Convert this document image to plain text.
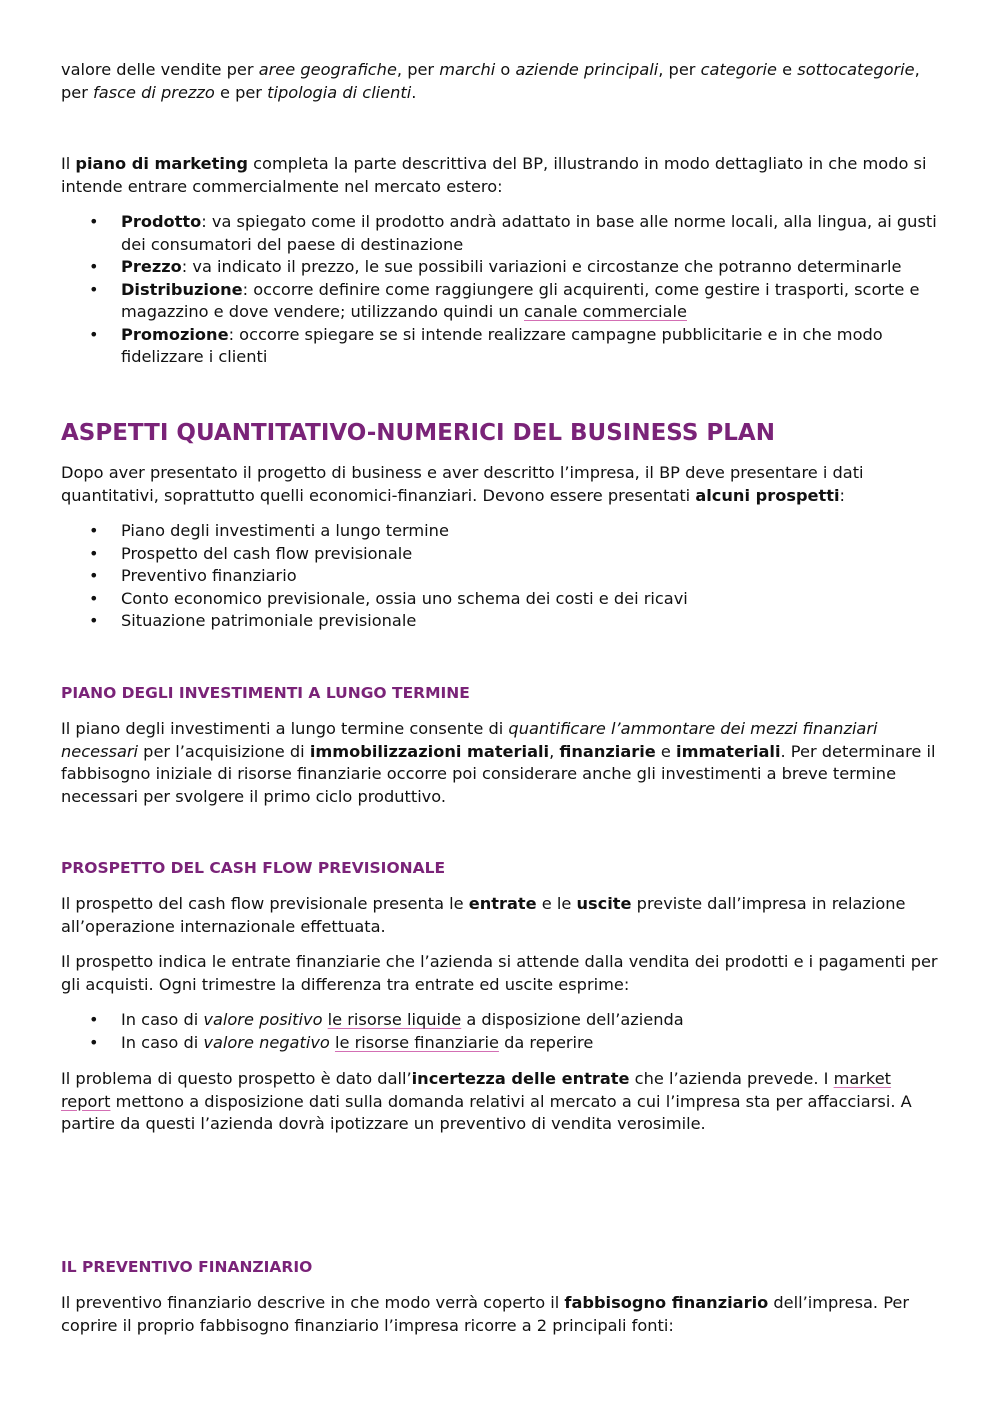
valore delle vendite per aree geografiche, per marchi o aziende principali, per categorie e sottocategorie, per fasce di prezzo e per tipologia di clienti.

Il piano di marketing completa la parte descrittiva del BP, illustrando in modo dettagliato in che modo si intende entrare commercialmente nel mercato estero:

• Prodotto: va spiegato come il prodotto andrà adattato in base alle norme locali, alla lingua, ai gusti dei consumatori del paese di destinazione
• Prezzo: va indicato il prezzo, le sue possibili variazioni e circostanze che potranno determinarle
• Distribuzione: occorre definire come raggiungere gli acquirenti, come gestire i trasporti, scorte e magazzino e dove vendere; utilizzando quindi un canale commerciale
• Promozione: occorre spiegare se si intende realizzare campagne pubblicitarie e in che modo fidelizzare i clienti
ASPETTI QUANTITATIVO-NUMERICI DEL BUSINESS PLAN

Dopo aver presentato il progetto di business e aver descritto l’impresa, il BP deve presentare i dati quantitativi, soprattutto quelli economici-finanziari. Devono essere presentati alcuni prospetti:

• Piano degli investimenti a lungo termine
• Prospetto del cash flow previsionale
• Preventivo finanziario
• Conto economico previsionale, ossia uno schema dei costi e dei ricavi
• Situazione patrimoniale previsionale
PIANO DEGLI INVESTIMENTI A LUNGO TERMINE

Il piano degli investimenti a lungo termine consente di quantificare l’ammontare dei mezzi finanziari necessari per l’acquisizione di immobilizzazioni materiali, finanziarie e immateriali. Per determinare il fabbisogno iniziale di risorse finanziarie occorre poi considerare anche gli investimenti a breve termine necessari per svolgere il primo ciclo produttivo.

PROSPETTO DEL CASH FLOW PREVISIONALE

Il prospetto del cash flow previsionale presenta le entrate e le uscite previste dall’impresa in relazione all’operazione internazionale effettuata.

Il prospetto indica le entrate finanziarie che l’azienda si attende dalla vendita dei prodotti e i pagamenti per gli acquisti. Ogni trimestre la differenza tra entrate ed uscite esprime:

• In caso di valore positivo le risorse liquide a disposizione dell’azienda
• In caso di valore negativo le risorse finanziarie da reperire

Il problema di questo prospetto è dato dall’incertezza delle entrate che l’azienda prevede. I market report mettono a disposizione dati sulla domanda relativi al mercato a cui l’impresa sta per affacciarsi. A partire da questi l’azienda dovrà ipotizzare un preventivo di vendita verosimile.

IL PREVENTIVO FINANZIARIO

Il preventivo finanziario descrive in che modo verrà coperto il fabbisogno finanziario dell’impresa. Per coprire il proprio fabbisogno finanziario l’impresa ricorre a 2 principali fonti:
